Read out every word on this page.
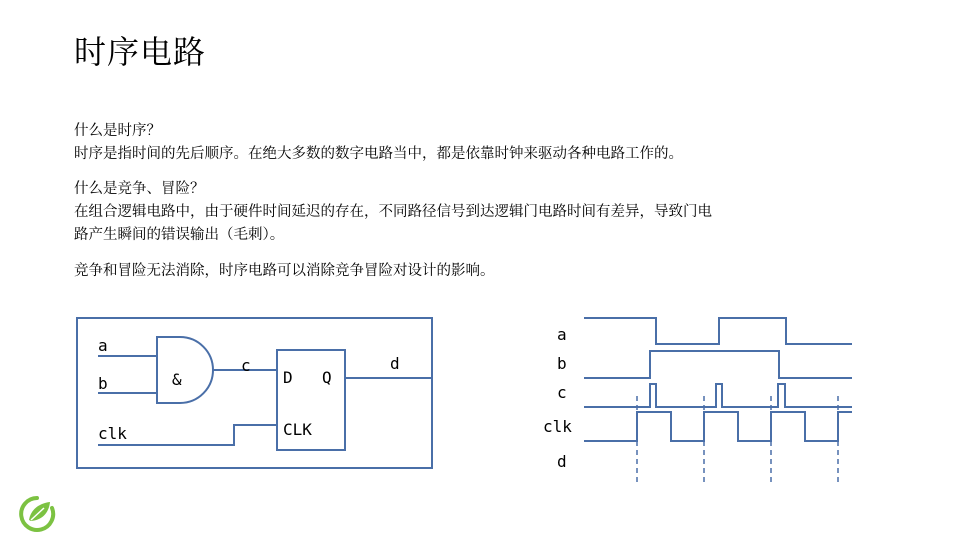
时序电路
什么是时序？
时序是指时间的先后顺序。在绝大多数的数字电路当中，都是依靠时钟来驱动各种电路工作的。
什么是竞争、冒险？
在组合逻辑电路中，由于硬件时间延迟的存在，不同路径信号到达逻辑门电路时间有差异，导致门电
路产生瞬间的错误输出（毛刺）。
竞争和冒险无法消除，时序电路可以消除竞争冒险对设计的影响。
a
b
clk
&
c
D Q
CLK
d
a
b
c
clk
d
